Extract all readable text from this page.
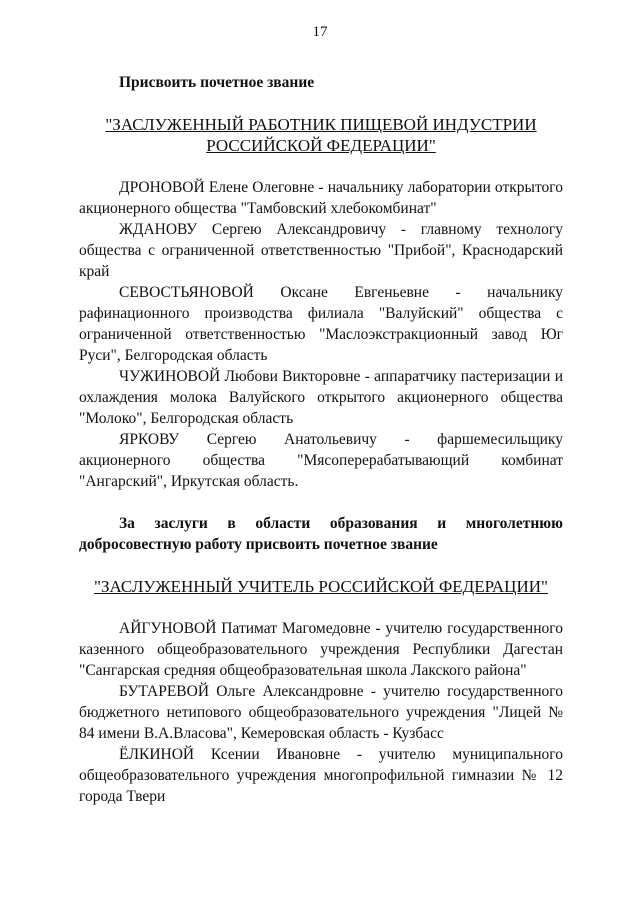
17

Присвоить почетное звание

"ЗАСЛУЖЕННЫЙ РАБОТНИК ПИЩЕВОЙ ИНДУСТРИИ
РОССИЙСКОЙ ФЕДЕРАЦИИ"

ДРОНОВОЙ Елене Олеговне - начальнику лаборатории открытого акционерного общества "Тамбовский хлебокомбинат"

ЖДАНОВУ Сергею Александровичу - главному технологу общества с ограниченной ответственностью "Прибой", Краснодарский край

СЕВОСТЬЯНОВОЙ Оксане Евгеньевне - начальнику рафинационного производства филиала "Валуйский" общества с ограниченной ответственностью "Маслоэкстракционный завод Юг Руси", Белгородская область

ЧУЖИНОВОЙ Любови Викторовне - аппаратчику пастеризации и охлаждения молока Валуйского открытого акционерного общества "Молоко", Белгородская область

ЯРКОВУ Сергею Анатольевичу - фаршемесильщику акционерного общества "Мясоперерабатывающий комбинат "Ангарский", Иркутская область.

За заслуги в области образования и многолетнюю добросовестную работу присвоить почетное звание

"ЗАСЛУЖЕННЫЙ УЧИТЕЛЬ РОССИЙСКОЙ ФЕДЕРАЦИИ"

АЙГУНОВОЙ Патимат Магомедовне - учителю государственного казенного общеобразовательного учреждения Республики Дагестан "Сангарская средняя общеобразовательная школа Лакского района"

БУТАРЕВОЙ Ольге Александровне - учителю государственного бюджетного нетипового общеобразовательного учреждения "Лицей № 84 имени В.А.Власова", Кемеровская область - Кузбасс

ЁЛКИНОЙ Ксении Ивановне - учителю муниципального общеобразовательного учреждения многопрофильной гимназии № 12 города Твери
